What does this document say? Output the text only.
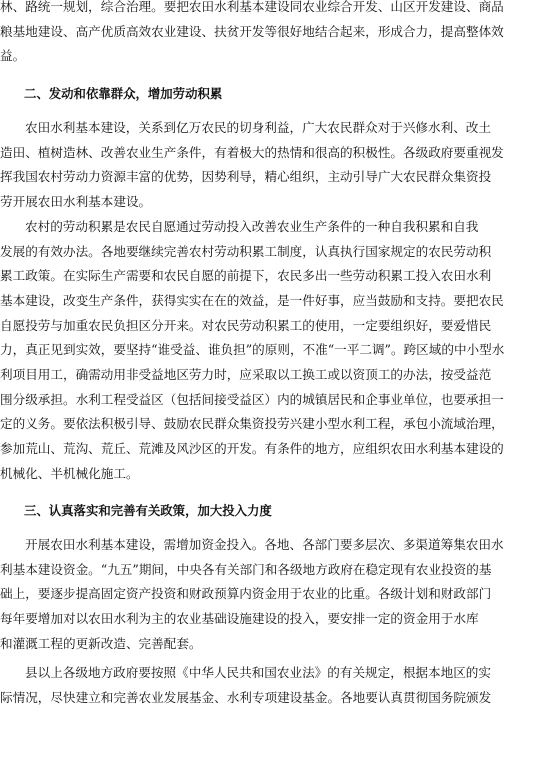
林、路统一规划，综合治理。要把农田水利基本建设同农业综合开发、山区开发建设、商品
粮基地建设、高产优质高效农业建设、扶贫开发等很好地结合起来，形成合力，提高整体效
益。
二、发动和依靠群众，增加劳动积累
农田水利基本建设，关系到亿万农民的切身利益，广大农民群众对于兴修水利、改土
造田、植树造林、改善农业生产条件，有着极大的热情和很高的积极性。各级政府要重视发
挥我国农村劳动力资源丰富的优势，因势利导，精心组织，主动引导广大农民群众集资投
劳开展农田水利基本建设。
农村的劳动积累是农民自愿通过劳动投入改善农业生产条件的一种自我积累和自我
发展的有效办法。各地要继续完善农村劳动积累工制度，认真执行国家规定的农民劳动积
累工政策。在实际生产需要和农民自愿的前提下，农民多出一些劳动积累工投入农田水利
基本建设，改变生产条件，获得实实在在的效益，是一件好事，应当鼓励和支持。要把农民
自愿投劳与加重农民负担区分开来。对农民劳动积累工的使用，一定要组织好，要爱惜民
力，真正见到实效，要坚持“谁受益、谁负担”的原则，不准“一平二调”。跨区域的中小型水
利项目用工，确需动用非受益地区劳力时，应采取以工换工或以资顶工的办法，按受益范
围分级承担。水利工程受益区（包括间接受益区）内的城镇居民和企事业单位，也要承担一
定的义务。要依法积极引导、鼓励农民群众集资投劳兴建小型水利工程，承包小流域治理，
参加荒山、荒沟、荒丘、荒滩及风沙区的开发。有条件的地方，应组织农田水利基本建设的
机械化、半机械化施工。
三、认真落实和完善有关政策，加大投入力度
开展农田水利基本建设，需增加资金投入。各地、各部门要多层次、多渠道筹集农田水
利基本建设资金。“九五”期间，中央各有关部门和各级地方政府在稳定现有农业投资的基
础上，要逐步提高固定资产投资和财政预算内资金用于农业的比重。各级计划和财政部门
每年要增加对以农田水利为主的农业基础设施建设的投入，要安排一定的资金用于水库
和灌溉工程的更新改造、完善配套。
县以上各级地方政府要按照《中华人民共和国农业法》的有关规定，根据本地区的实
际情况，尽快建立和完善农业发展基金、水利专项建设基金。各地要认真贯彻国务院颁发
